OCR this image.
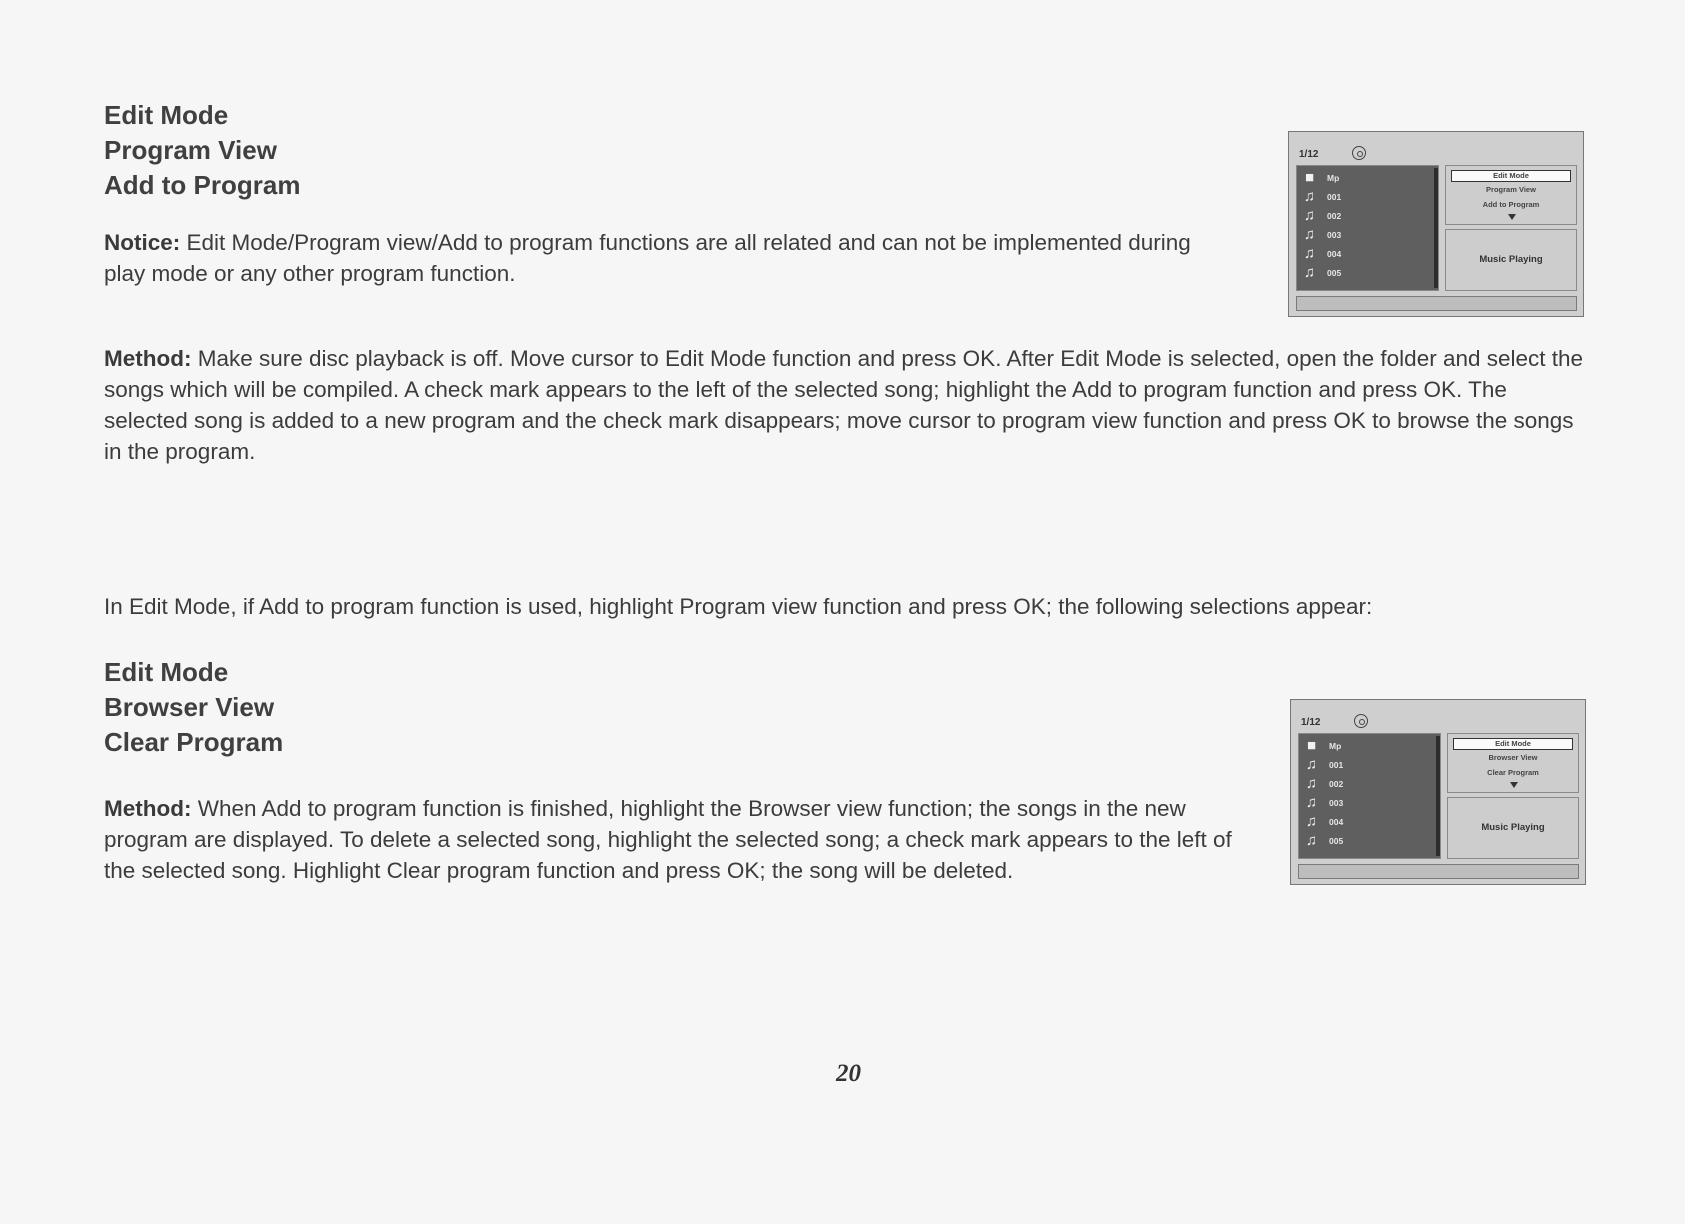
Edit Mode
Program View
Add to Program
Notice: Edit Mode/Program view/Add to program functions are all related and can not be implemented during play mode or any other program function.
1/12
■	Mp
♫ 001
♫ 002
♫ 003
♫ 004
♫ 005
Edit Mode
Program View
Add to Program
Music Playing
Method: Make sure disc playback is off. Move cursor to Edit Mode function and press OK. After Edit Mode is selected, open the folder and select the songs which will be compiled. A check mark appears to the left of the selected song; highlight the Add to program function and press OK. The selected song is added to a new program and the check mark disappears; move cursor to program view function and press OK to browse the songs in the program.
In Edit Mode, if Add to program function is used, highlight Program view function and press OK; the following selections appear:
Edit Mode
Browser View
Clear Program
1/12
■	Mp
♫ 001
♫ 002
♫ 003
♫ 004
♫ 005
Edit Mode
Browser View
Clear Program
Music Playing
Method: When Add to program function is finished, highlight the Browser view function; the songs in the new program are displayed. To delete a selected song, highlight the selected song; a check mark appears to the left of the selected song. Highlight Clear program function and press OK; the song will be deleted.
20
